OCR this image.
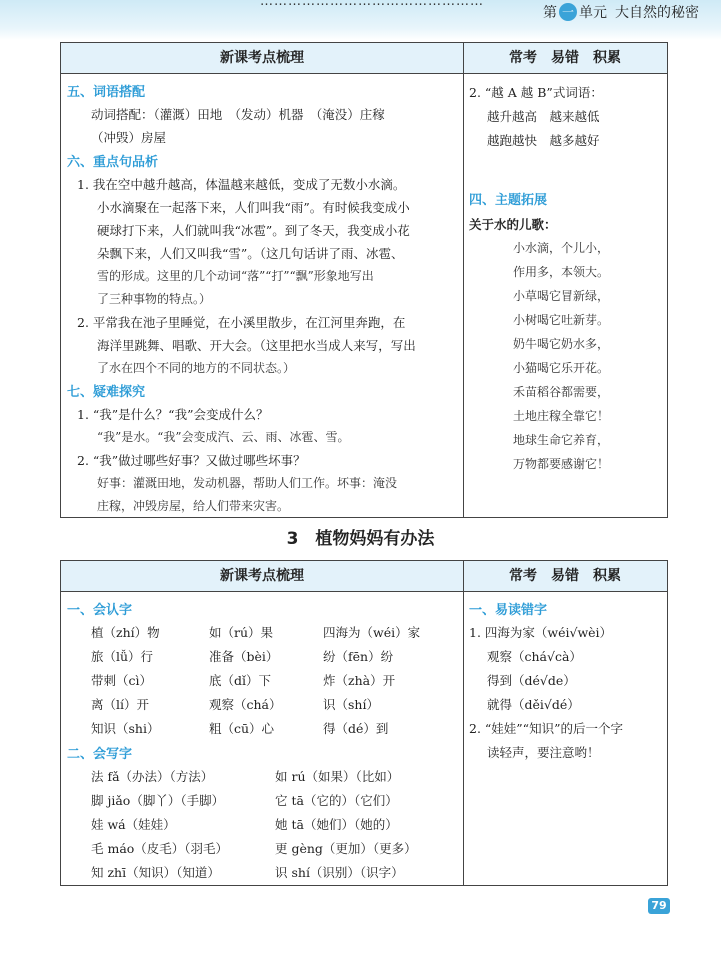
…………………………………………
第 一 单元 大自然的秘密
新课考点梳理	常考　易错　积累
五、词语搭配
动词搭配：（灌溉）田地　（发动）机器　（淹没）庄稼
（冲毁）房屋
六、重点句品析
1. 我在空中越升越高，体温越来越低，变成了无数小水滴。
小水滴聚在一起落下来，人们叫我“雨”。有时候我变成小
硬球打下来，人们就叫我“冰雹”。到了冬天，我变成小花
朵飘下来，人们又叫我“雪”。（这几句话讲了雨、冰雹、
雪的形成。这里的几个动词“落”“打”“飘”形象地写出
了三种事物的特点。）
2. 平常我在池子里睡觉，在小溪里散步，在江河里奔跑，在
海洋里跳舞、唱歌、开大会。（这里把水当成人来写，写出
了水在四个不同的地方的不同状态。）
七、疑难探究
1. “我”是什么？“我”会变成什么？
“我”是水。“我”会变成汽、云、雨、冰雹、雪。
2. “我”做过哪些好事？又做过哪些坏事？
好事：灌溉田地，发动机器，帮助人们工作。坏事：淹没
庄稼，冲毁房屋，给人们带来灾害。
2. “越 A 越 B”式词语：
越升越高　越来越低
越跑越快　越多越好
四、主题拓展
关于水的儿歌：
小水滴，个儿小，
作用多，本领大。
小草喝它冒新绿，
小树喝它吐新芽。
奶牛喝它奶水多，
小猫喝它乐开花。
禾苗稻谷都需要，
土地庄稼全靠它！
地球生命它养育，
万物都要感谢它！
3　植物妈妈有办法
新课考点梳理	常考　易错　积累
一、会认字
植（zhí）物	如（rú）果	四海为（wéi）家
旅（lǚ）行	准备（bèi）	纷（fēn）纷
带刺（cì）	底（dǐ）下	炸（zhà）开
离（lí）开	观察（chá）	识（shí）
知识（shi）	粗（cū）心	得（dé）到
二、会写字
法 fǎ（办法）（方法）	如 rú（如果）（比如）
脚 jiǎo（脚丫）（手脚）	它 tā（它的）（它们）
娃 wá（娃娃）	她 tā（她们）（她的）
毛 máo（皮毛）（羽毛）	更 gèng（更加）（更多）
知 zhī（知识）（知道）	识 shí（识别）（识字）
一、易读错字
1. 四海为家（wéi√wèi）
观察（chá√cà）
得到（dé√de）
就得（děi√dé）
2. “娃娃”“知识”的后一个字
读轻声，要注意哟！
79
